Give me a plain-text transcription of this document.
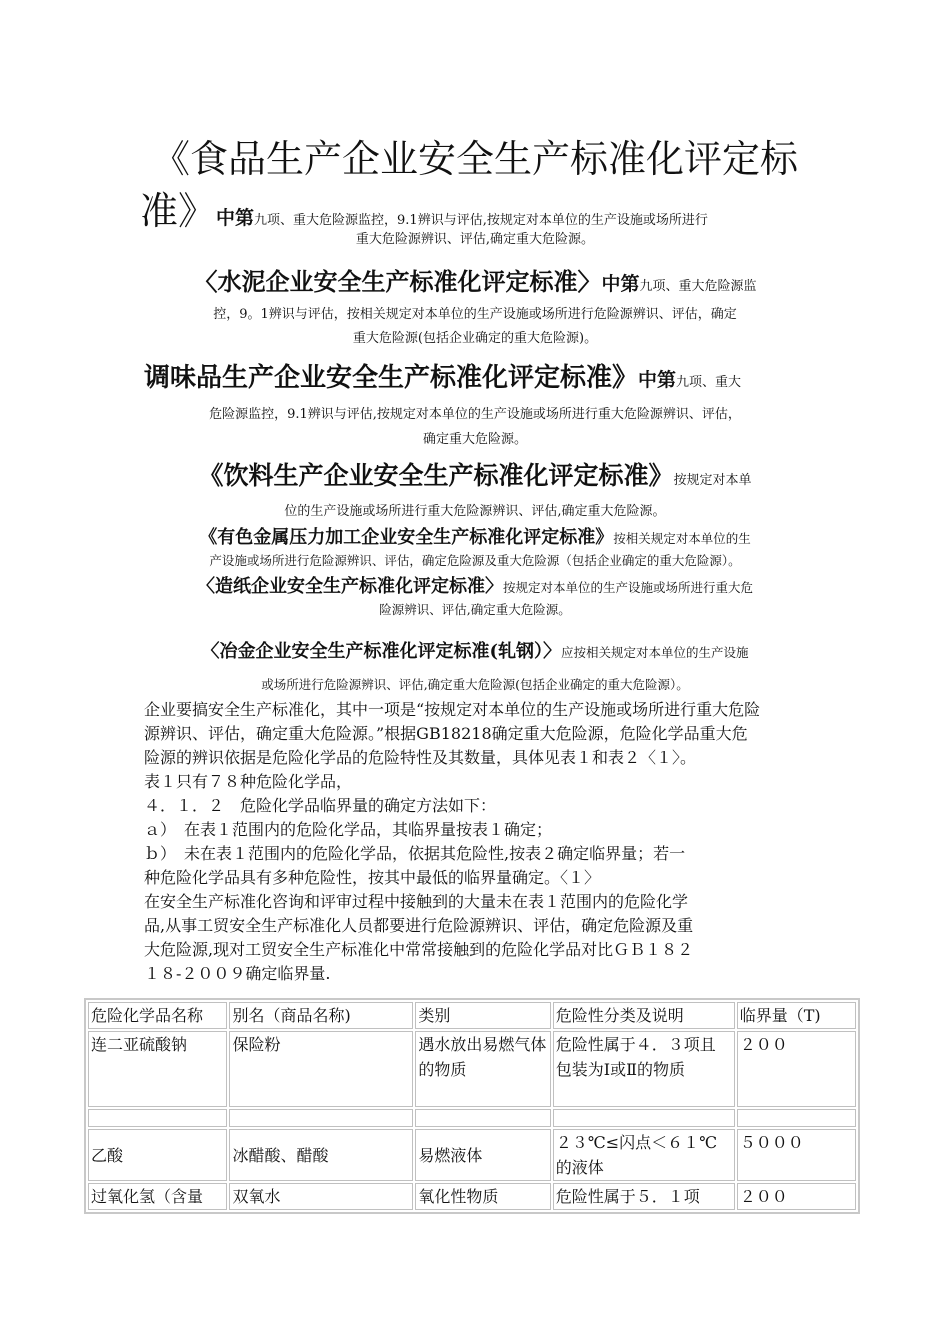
《食品生产企业安全生产标准化评定标
准》中第九项、重大危险源监控，9.1辨识与评估,按规定对本单位的生产设施或场所进行
重大危险源辨识、评估,确定重大危险源。
〈水泥企业安全生产标准化评定标准〉中第九项、重大危险源监
控，9。1辨识与评估，按相关规定对本单位的生产设施或场所进行危险源辨识、评估，确定
重大危险源(包括企业确定的重大危险源)。
调味品生产企业安全生产标准化评定标准》中第九项、重大
危险源监控，9.1辨识与评估,按规定对本单位的生产设施或场所进行重大危险源辨识、评估，
确定重大危险源。
《饮料生产企业安全生产标准化评定标准》按规定对本单
位的生产设施或场所进行重大危险源辨识、评估,确定重大危险源。
《有色金属压力加工企业安全生产标准化评定标准》按相关规定对本单位的生
产设施或场所进行危险源辨识、评估，确定危险源及重大危险源（包括企业确定的重大危险源）。
〈造纸企业安全生产标准化评定标准〉按规定对本单位的生产设施或场所进行重大危
险源辨识、评估,确定重大危险源。
〈冶金企业安全生产标准化评定标准(轧钢）〉应按相关规定对本单位的生产设施
或场所进行危险源辨识、评估,确定重大危险源(包括企业确定的重大危险源）。
企业要搞安全生产标准化，其中一项是“按规定对本单位的生产设施或场所进行重大危险
源辨识、评估，确定重大危险源。”根据GB18218确定重大危险源，危险化学品重大危
险源的辨识依据是危险化学品的危险特性及其数量，具体见表１和表２〈１〉。
表１只有７８种危险化学品，
４．１．２　危险化学品临界量的确定方法如下：
ａ）　在表１范围内的危险化学品，其临界量按表１确定；
ｂ）　未在表１范围内的危险化学品，依据其危险性,按表２确定临界量；若一
种危险化学品具有多种危险性，按其中最低的临界量确定。〈１〉
在安全生产标准化咨询和评审过程中接触到的大量未在表１范围内的危险化学
品,从事工贸安全生产标准化人员都要进行危险源辨识、评估，确定危险源及重
大危险源,现对工贸安全生产标准化中常常接触到的危险化学品对比ＧＢ１８２
１８-２００９确定临界量.
危险化学品名称	别名（商品名称)	类别	危险性分类及说明	临界量（T)
连二亚硫酸钠	保险粉	遇水放出易燃气体的物质	危险性属于４．３项且包装为Ⅰ或Ⅱ的物质	２００

乙酸	冰醋酸、醋酸	易燃液体	２３℃≤闪点＜６１℃的液体	５０００
过氧化氢（含量	双氧水	氧化性物质	危险性属于５．１项	２００
